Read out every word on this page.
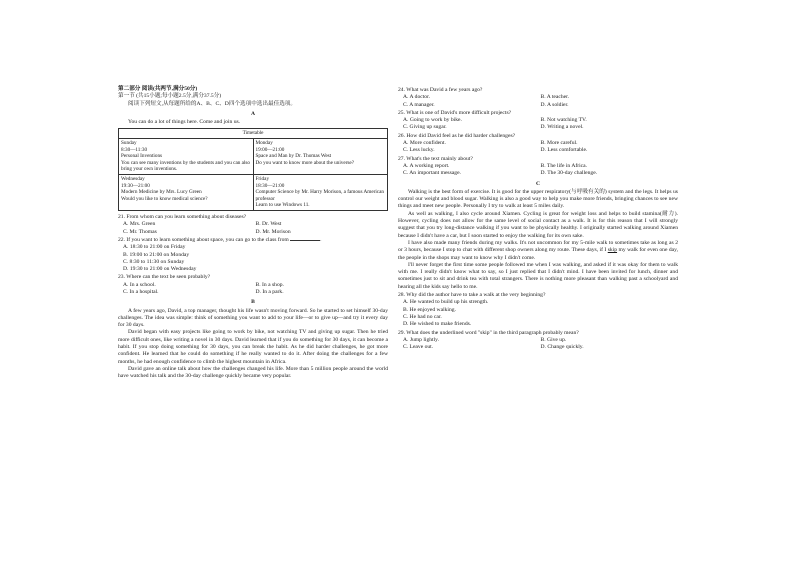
第二部分 阅读(共两节,满分50分)

第一节 (共15小题;每小题2.5分,满分37.5分)

阅读下列短文,从每题所给的A、B、C、D四个选项中选出最佳选项。

A

You can do a lot of things here. Come and join us.

Timetable	
Sunday
8:30—11:30
Personal Inventions
You can see many inventions by the students and you can also bring your own inventions.	Monday
19:00—21:00
Space and Man by Dr. Thomas West
Do you want to know more about the universe?
Wednesday
19:30—21:00
Modern Medicine by Mrs. Lucy Green
Would you like to know medical science?	Friday
18:30—21:00
Computer Science by Mr. Harry Morison, a famous American professor
Learn to use Windows 11.

21. From whom can you learn something about diseases?

A. Mrs. Green	B. Dr. West
C. Mr. Thomas	D. Mr. Morison

22. If you want to learn something about space, you can go to the class from	.

A. 18:30 to 21:00 on Friday
B. 19:00 to 21:00 on Monday
C. 8:30 to 11:30 on Sunday
D. 19:30 to 21:00 on Wednesday

23. Where can the text be seen probably?

A. In a school.	B. In a shop.
C. In a hospital.	D. In a park.

B

A few years ago, David, a top manager, thought his life wasn't moving forward. So he started to set himself 30-day challenges. The idea was simple: think of something you want to add to your life—or to give up—and try it every day for 30 days.

David began with easy projects like going to work by bike, not watching TV and giving up sugar. Then he tried more difficult ones, like writing a novel in 30 days. David learned that if you do something for 30 days, it can become a habit. If you stop doing something for 30 days, you can break the habit. As he did harder challenges, he got more confident. He learned that he could do something if he really wanted to do it. After doing the challenges for a few months, he had enough confidence to climb the highest mountain in Africa.

David gave an online talk about how the challenges changed his life. More than 5 million people around the world have watched his talk and the 30-day challenge quickly became very popular.

24. What was David a few years ago?

A. A doctor.	B. A teacher.
C. A manager.	D. A soldier.

25. What is one of David's more difficult projects?

A. Going to work by bike.	B. Not watching TV.
C. Giving up sugar.	D. Writing a novel.

26. How did David feel as he did harder challenges?

A. More confident.	B. More careful.
C. Less lucky.	D. Less comfortable.

27. What's the text mainly about?

A. A working report.	B. The life in Africa.
C. An important message.	D. The 30-day challenge.

C

Walking is the best form of exercise. It is good for the upper respiratory(与呼吸有关的) system and the legs. It helps us control our weight and blood sugar. Walking is also a good way to help you make more friends, bringing chances to see new things and meet new people. Personally I try to walk at least 5 miles daily.

As well as walking, I also cycle around Xiamen. Cycling is great for weight loss and helps to build stamina(耐力). However, cycling does not allow for the same level of social contact as a walk. It is for this reason that I will strongly suggest that you try long-distance walking if you want to be physically healthy. I originally started walking around Xiamen because I didn't have a car, but I soon started to enjoy the walking for its own sake.

I have also made many friends during my walks. It's not uncommon for my 5-mile walk to sometimes take as long as 2 or 3 hours, because I stop to chat with different shop owners along my route. These days, if I skip my walk for even one day, the people in the shops may want to know why I didn't come.

I'll never forget the first time some people followed me when I was walking, and asked if it was okay for them to walk with me. I really didn't know what to say, so I just replied that I didn't mind. I have been invited for lunch, dinner and sometimes just to sit and drink tea with total strangers. There is nothing more pleasant than walking past a schoolyard and hearing all the kids say hello to me.

28. Why did the author have to take a walk at the very beginning?

A. He wanted to build up his strength.
B. He enjoyed walking.
C. He had no car.
D. He wished to make friends.

29. What does the underlined word "skip" in the third paragraph probably mean?

A. Jump lightly.	B. Give up.
C. Leave out.	D. Change quickly.
